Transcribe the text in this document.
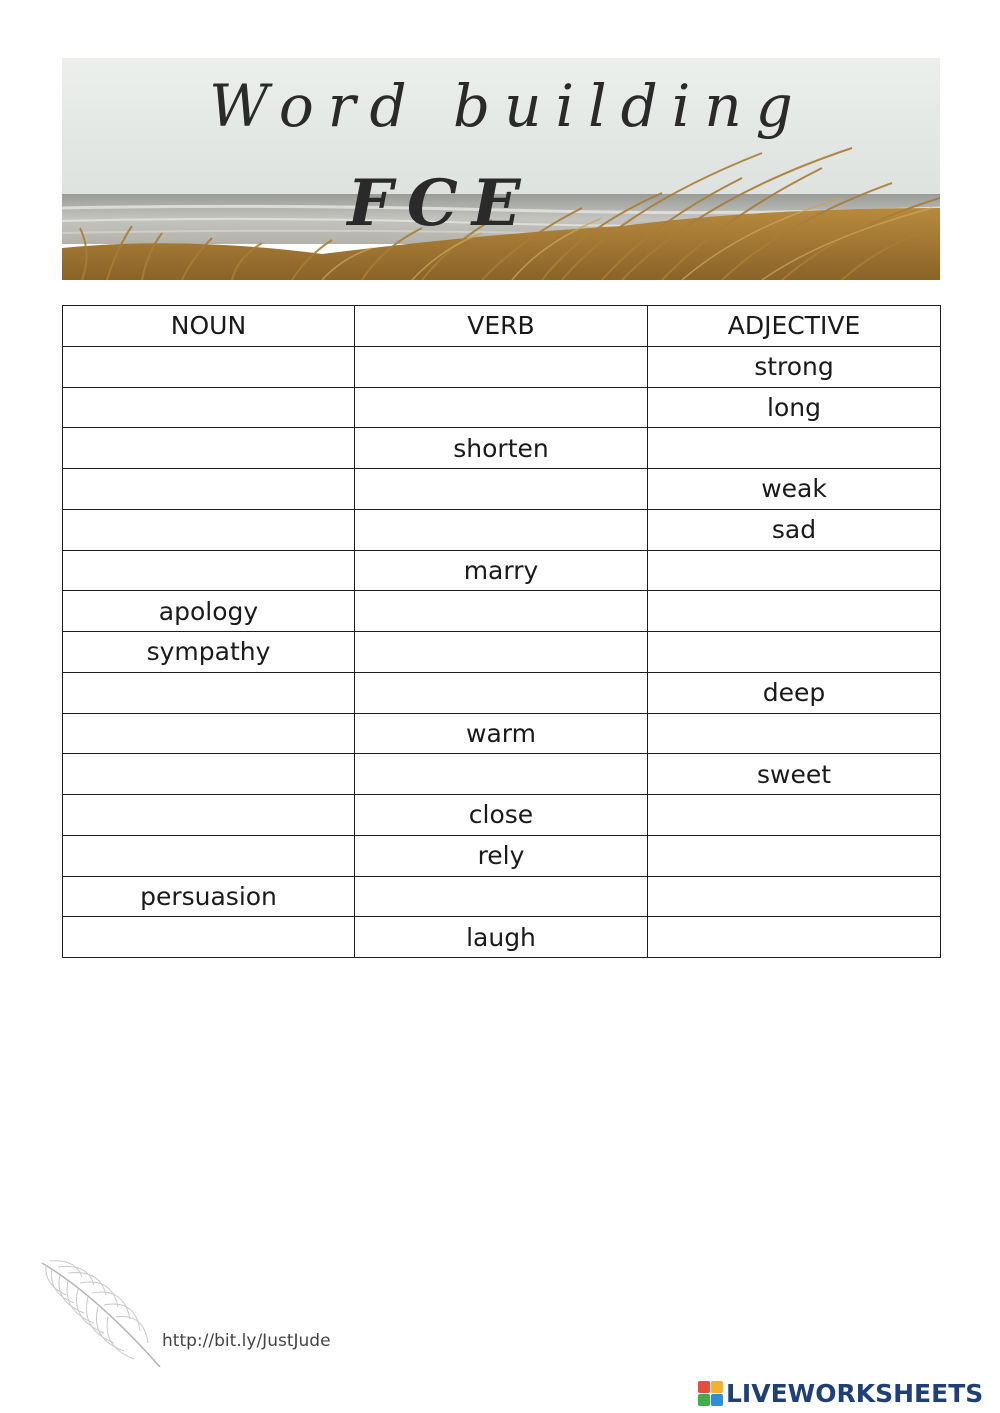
Word building
FCE
NOUN	VERB	ADJECTIVE
		strong
		long
	shorten	
		weak
		sad
	marry	
apology		
sympathy		
		deep
	warm	
		sweet
	close	
	rely	
persuasion		
	laugh	
http://bit.ly/JustJude
LIVEWORKSHEETS
